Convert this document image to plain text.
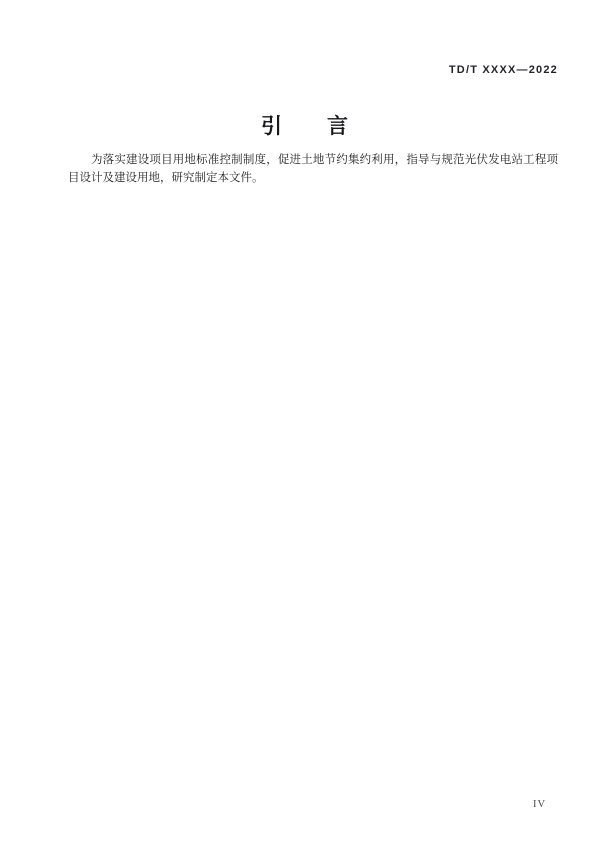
TD/T XXXX—2022
引　　言

为落实建设项目用地标准控制制度，促进土地节约集约利用，指导与规范光伏发电站工程项目设计及建设用地，研究制定本文件。

IV
